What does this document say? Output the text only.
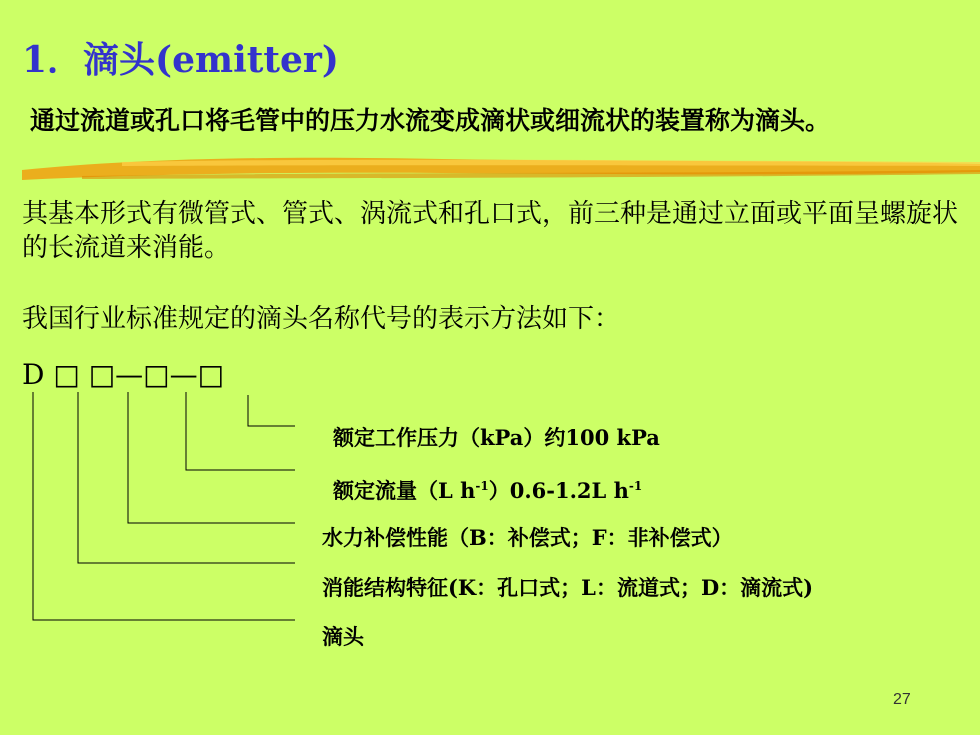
1．滴头(emitter)
通过流道或孔口将毛管中的压力水流变成滴状或细流状的装置称为滴头。
其基本形式有微管式、管式、涡流式和孔口式，前三种是通过立面或平面呈螺旋状的长流道来消能。
我国行业标准规定的滴头名称代号的表示方法如下：
D □ □—□—□
额定工作压力（kPa）约100 kPa
额定流量（L $h^{-1})0.6-1.2L$ $h^{-1}$
水力补偿性能（B：补偿式；F：非补偿式）
消能结构特征(K：孔口式；L：流道式；D：滴流式)
滴头
27
